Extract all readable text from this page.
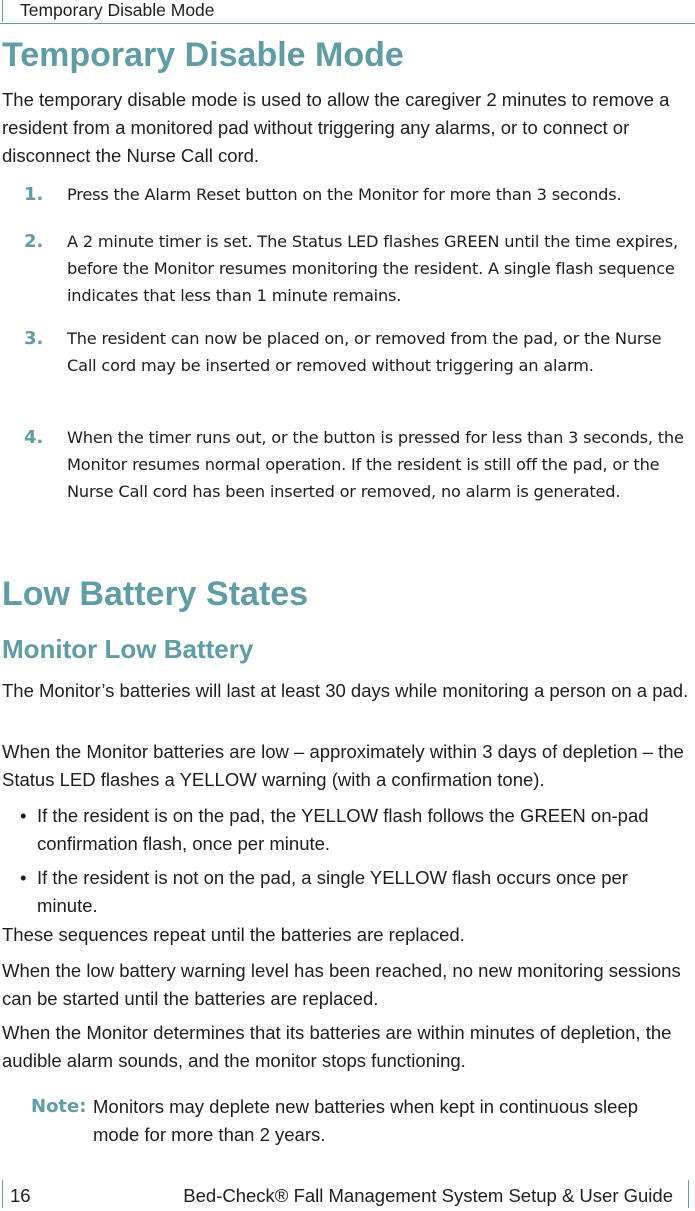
Temporary Disable Mode
Temporary Disable Mode

The temporary disable mode is used to allow the caregiver 2 minutes to remove a resident from a monitored pad without triggering any alarms, or to connect or disconnect the Nurse Call cord.

1. Press the Alarm Reset button on the Monitor for more than 3 seconds.
2. A 2 minute timer is set. The Status LED flashes GREEN until the time expires, before the Monitor resumes monitoring the resident. A single flash sequence indicates that less than 1 minute remains.
3. The resident can now be placed on, or removed from the pad, or the Nurse Call cord may be inserted or removed without triggering an alarm.
4. When the timer runs out, or the button is pressed for less than 3 seconds, the Monitor resumes normal operation. If the resident is still off the pad, or the Nurse Call cord has been inserted or removed, no alarm is generated.
Low Battery States
Monitor Low Battery

The Monitor’s batteries will last at least 30 days while monitoring a person on a pad.

When the Monitor batteries are low – approximately within 3 days of depletion – the Status LED flashes a YELLOW warning (with a confirmation tone).

• If the resident is on the pad, the YELLOW flash follows the GREEN on-pad confirmation flash, once per minute.
• If the resident is not on the pad, a single YELLOW flash occurs once per minute.

These sequences repeat until the batteries are replaced.

When the low battery warning level has been reached, no new monitoring sessions can be started until the batteries are replaced.

When the Monitor determines that its batteries are within minutes of depletion, the audible alarm sounds, and the monitor stops functioning.

Note: Monitors may deplete new batteries when kept in continuous sleep mode for more than 2 years.
16	Bed-Check® Fall Management System Setup & User Guide
